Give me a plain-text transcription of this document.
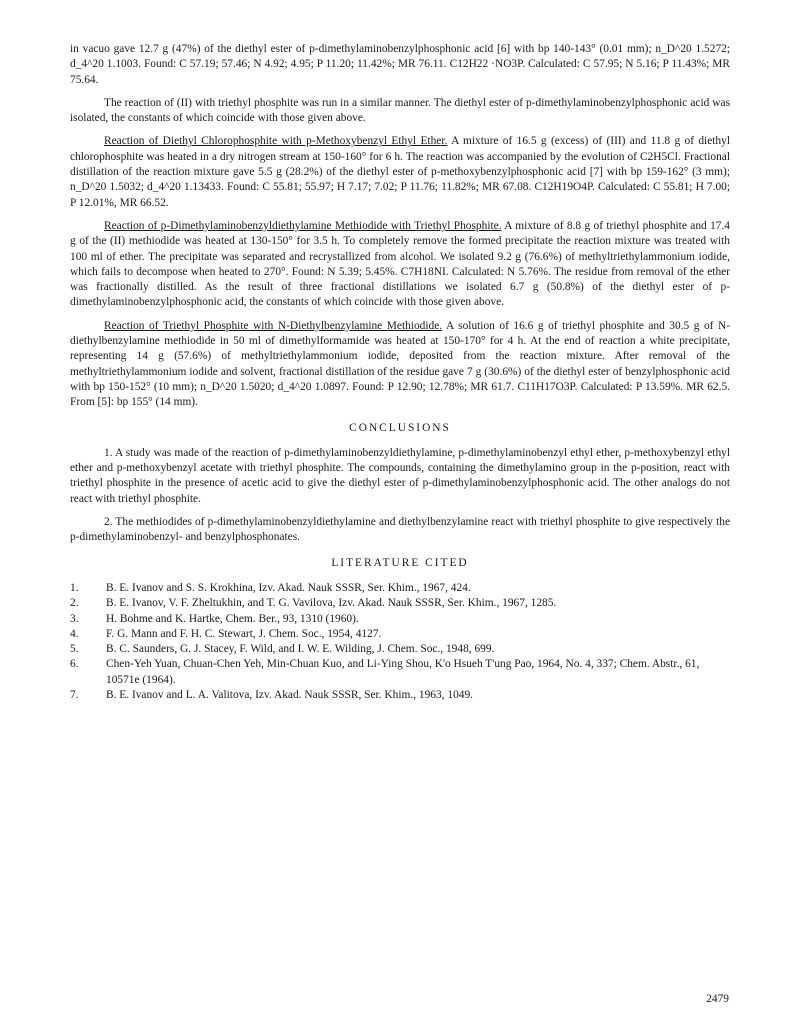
in vacuo gave 12.7 g (47%) of the diethyl ester of p-dimethylaminobenzylphosphonic acid [6] with bp 140-143° (0.01 mm); n_D^20 1.5272; d_4^20 1.1003. Found: C 57.19; 57.46; N 4.92; 4.95; P 11.20; 11.42%; MR 76.11. C12H22 ·NO3P. Calculated: C 57.95; N 5.16; P 11.43%; MR 75.64.

The reaction of (II) with triethyl phosphite was run in a similar manner. The diethyl ester of p-dimethylaminobenzylphosphonic acid was isolated, the constants of which coincide with those given above.

Reaction of Diethyl Chlorophosphite with p-Methoxybenzyl Ethyl Ether. A mixture of 16.5 g (excess) of (III) and 11.8 g of diethyl chlorophosphite was heated in a dry nitrogen stream at 150-160° for 6 h. The reaction was accompanied by the evolution of C2H5Cl. Fractional distillation of the reaction mixture gave 5.5 g (28.2%) of the diethyl ester of p-methoxybenzylphosphonic acid [7] with bp 159-162° (3 mm); n_D^20 1.5032; d_4^20 1.13433. Found: C 55.81; 55.97; H 7.17; 7.02; P 11.76; 11.82%; MR 67.08. C12H19O4P. Calculated: C 55.81; H 7.00; P 12.01%, MR 66.52.

Reaction of p-Dimethylaminobenzyldiethylamine Methiodide with Triethyl Phosphite. A mixture of 8.8 g of triethyl phosphite and 17.4 g of the (II) methiodide was heated at 130-150° for 3.5 h. To completely remove the formed precipitate the reaction mixture was treated with 100 ml of ether. The precipitate was separated and recrystallized from alcohol. We isolated 9.2 g (76.6%) of methyltriethylammonium iodide, which fails to decompose when heated to 270°. Found: N 5.39; 5.45%. C7H18NI. Calculated: N 5.76%. The residue from removal of the ether was fractionally distilled. As the result of three fractional distillations we isolated 6.7 g (50.8%) of the diethyl ester of p-dimethylaminobenzylphosphonic acid, the constants of which coincide with those given above.

Reaction of Triethyl Phosphite with N-Diethylbenzylamine Methiodide. A solution of 16.6 g of triethyl phosphite and 30.5 g of N-diethylbenzylamine methiodide in 50 ml of dimethylformamide was heated at 150-170° for 4 h. At the end of reaction a white precipitate, representing 14 g (57.6%) of methyltriethylammonium iodide, deposited from the reaction mixture. After removal of the methyltriethylammonium iodide and solvent, fractional distillation of the residue gave 7 g (30.6%) of the diethyl ester of benzylphosphonic acid with bp 150-152° (10 mm); n_D^20 1.5020; d_4^20 1.0897. Found: P 12.90; 12.78%; MR 61.7. C11H17O3P. Calculated: P 13.59%. MR 62.5. From [5]: bp 155° (14 mm).

CONCLUSIONS

1. A study was made of the reaction of p-dimethylaminobenzyldiethylamine, p-dimethylaminobenzyl ethyl ether, p-methoxybenzyl ethyl ether and p-methoxybenzyl acetate with triethyl phosphite. The compounds, containing the dimethylamino group in the p-position, react with triethyl phosphite in the presence of acetic acid to give the diethyl ester of p-dimethylaminobenzylphosphonic acid. The other analogs do not react with triethyl phosphite.

2. The methiodides of p-dimethylaminobenzyldiethylamine and diethylbenzylamine react with triethyl phosphite to give respectively the p-dimethylaminobenzyl- and benzylphosphonates.

LITERATURE CITED
1.	B. E. Ivanov and S. S. Krokhina, Izv. Akad. Nauk SSSR, Ser. Khim., 1967, 424.
2.	B. E. Ivanov, V. F. Zheltukhin, and T. G. Vavilova, Izv. Akad. Nauk SSSR, Ser. Khim., 1967, 1285.
3.	H. Bohme and K. Hartke, Chem. Ber., 93, 1310 (1960).
4.	F. G. Mann and F. H. C. Stewart, J. Chem. Soc., 1954, 4127.
5.	B. C. Saunders, G. J. Stacey, F. Wild, and I. W. E. Wilding, J. Chem. Soc., 1948, 699.
6.	Chen-Yeh Yuan, Chuan-Chen Yeh, Min-Chuan Kuo, and Li-Ying Shou, K'o Hsueh T'ung Pao, 1964, No. 4, 337; Chem. Abstr., 61, 10571e (1964).
7.	B. E. Ivanov and L. A. Valitova, Izv. Akad. Nauk SSSR, Ser. Khim., 1963, 1049.
2479
